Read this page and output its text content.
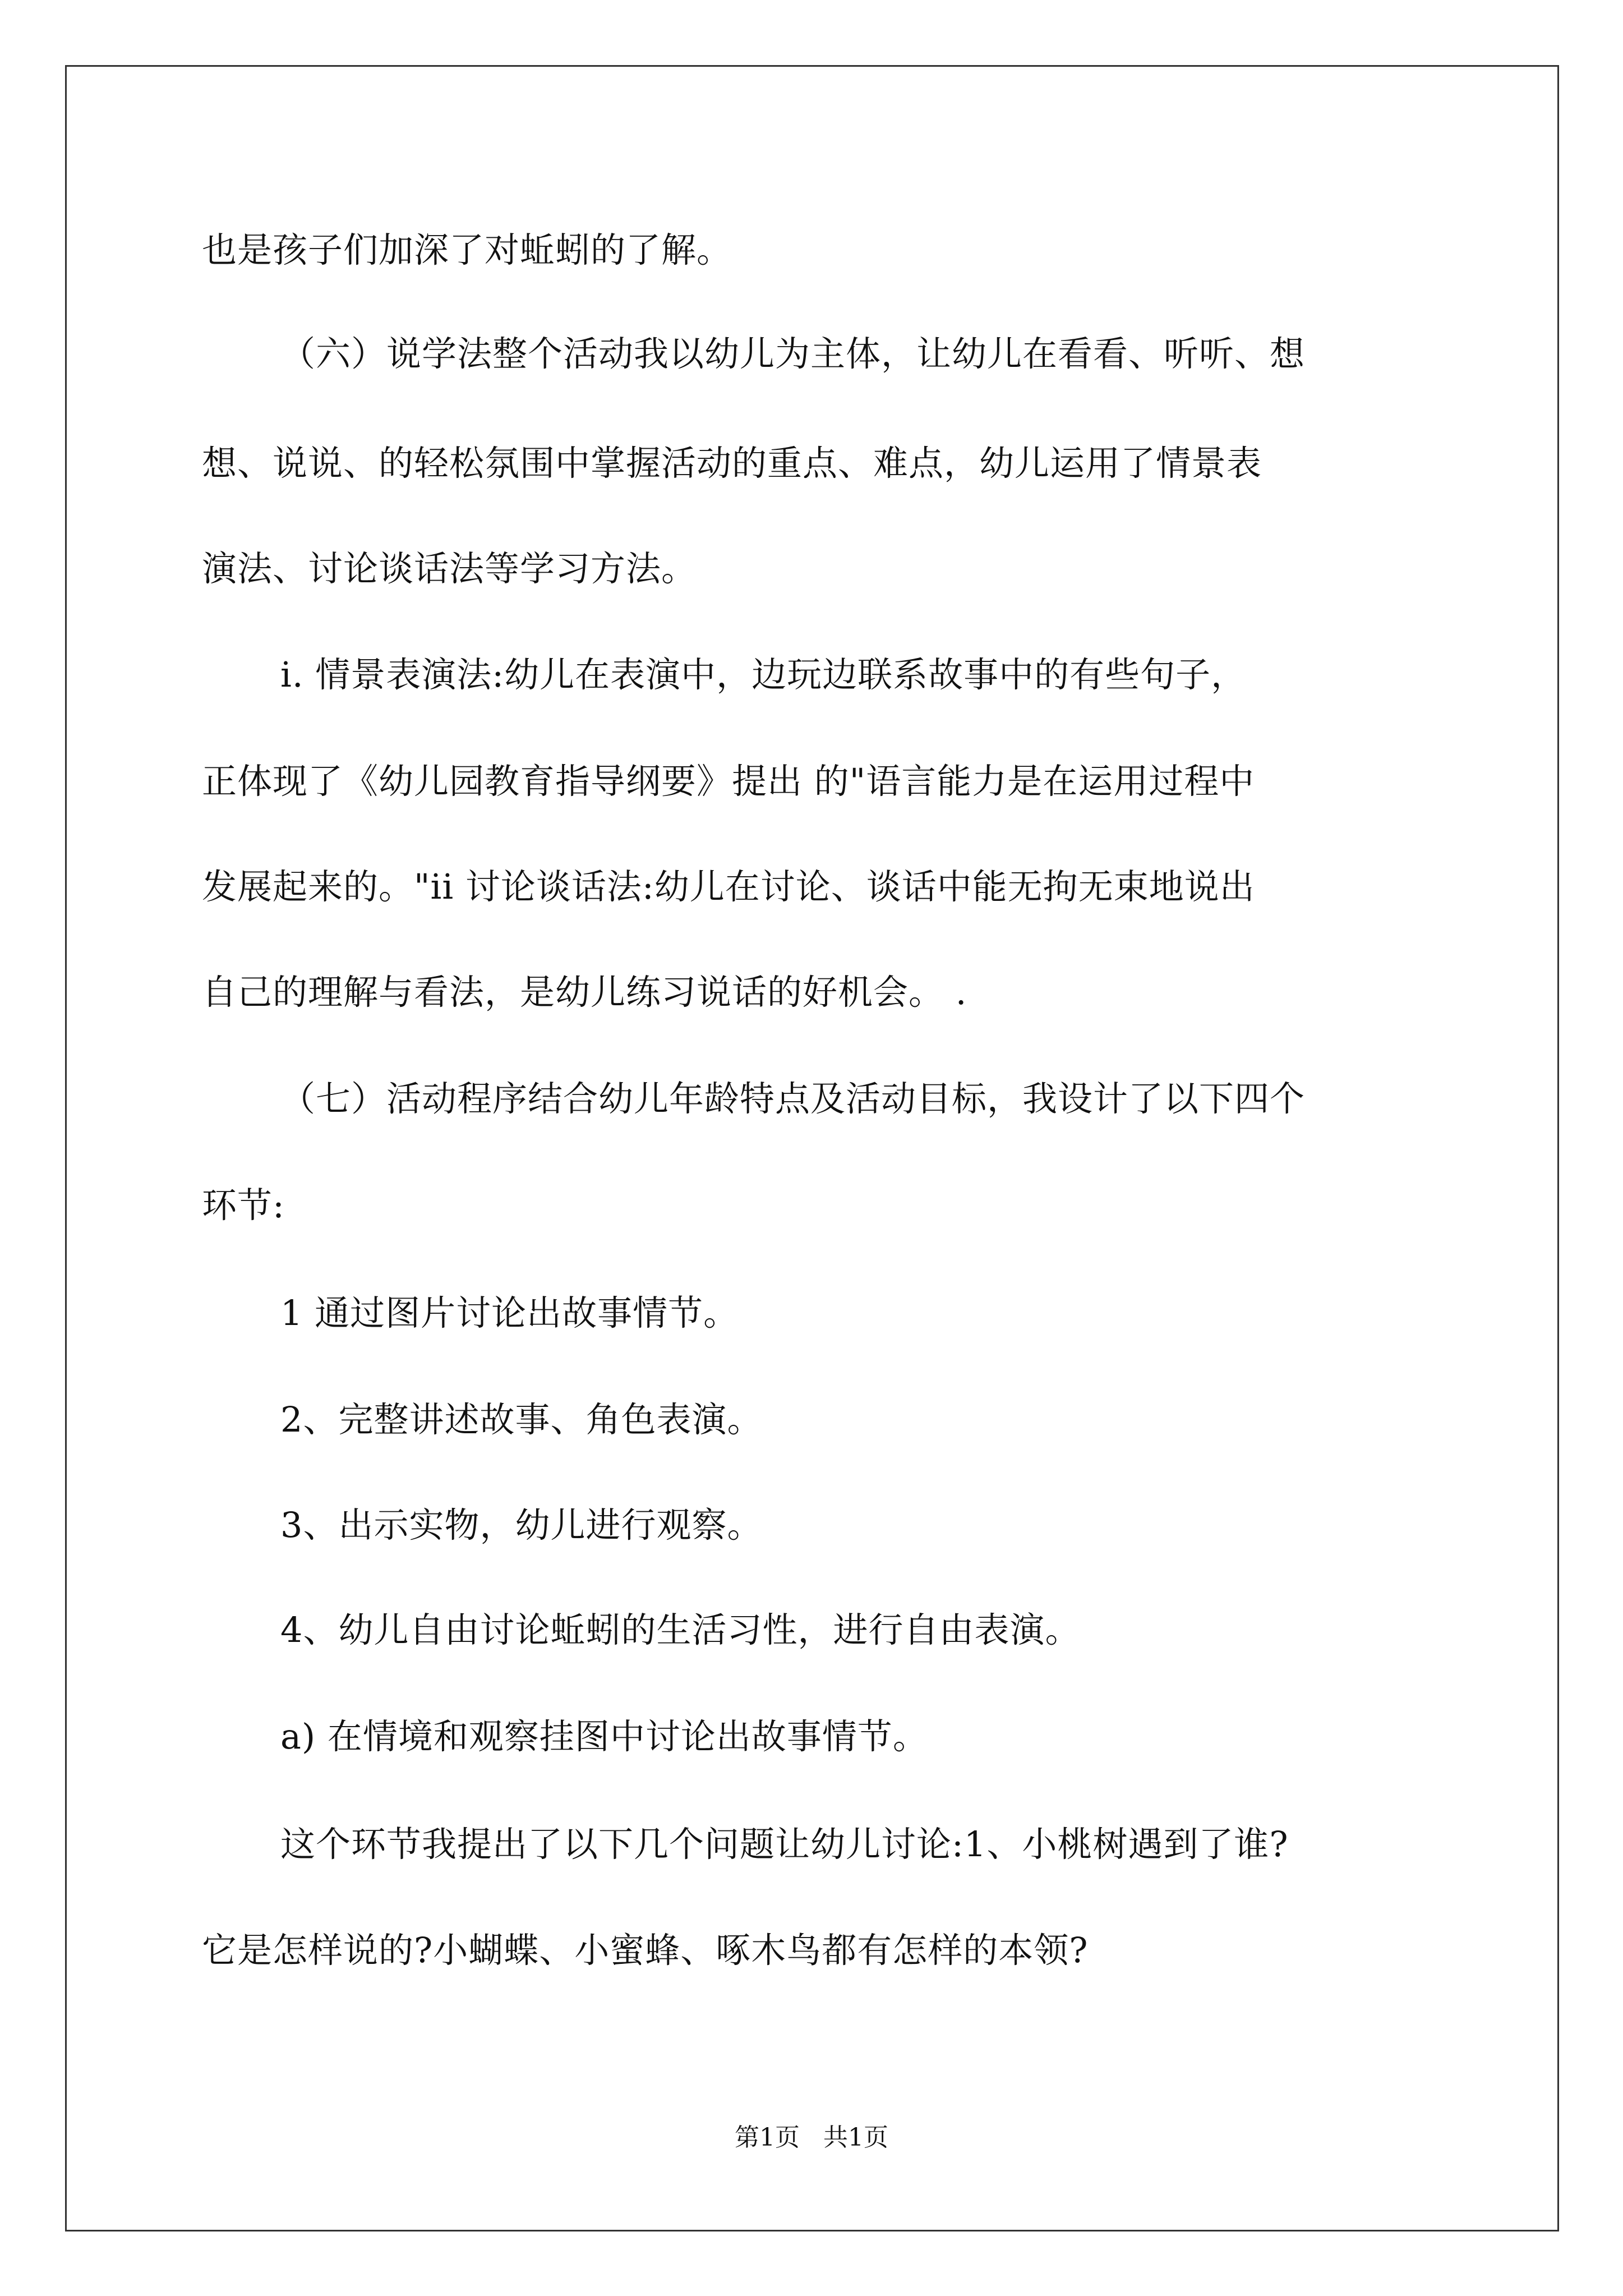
也是孩子们加深了对蚯蚓的了解。
（六）说学法整个活动我以幼儿为主体，让幼儿在看看、听听、想
想、说说、的轻松氛围中掌握活动的重点、难点，幼儿运用了情景表
演法、讨论谈话法等学习方法。
i. 情景表演法:幼儿在表演中，边玩边联系故事中的有些句子，
正体现了《幼儿园教育指导纲要》提出 的"语言能力是在运用过程中
发展起来的。"ii 讨论谈话法:幼儿在讨论、谈话中能无拘无束地说出
自己的理解与看法，是幼儿练习说话的好机会。 .
（七）活动程序结合幼儿年龄特点及活动目标，我设计了以下四个
环节:
1 通过图片讨论出故事情节。
2、完整讲述故事、角色表演。
3、出示实物，幼儿进行观察。
4、幼儿自由讨论蚯蚓的生活习性，进行自由表演。
a) 在情境和观察挂图中讨论出故事情节。
这个环节我提出了以下几个问题让幼儿讨论:1、小桃树遇到了谁?
它是怎样说的?小蝴蝶、小蜜蜂、啄木鸟都有怎样的本领?
第1页   共1页
